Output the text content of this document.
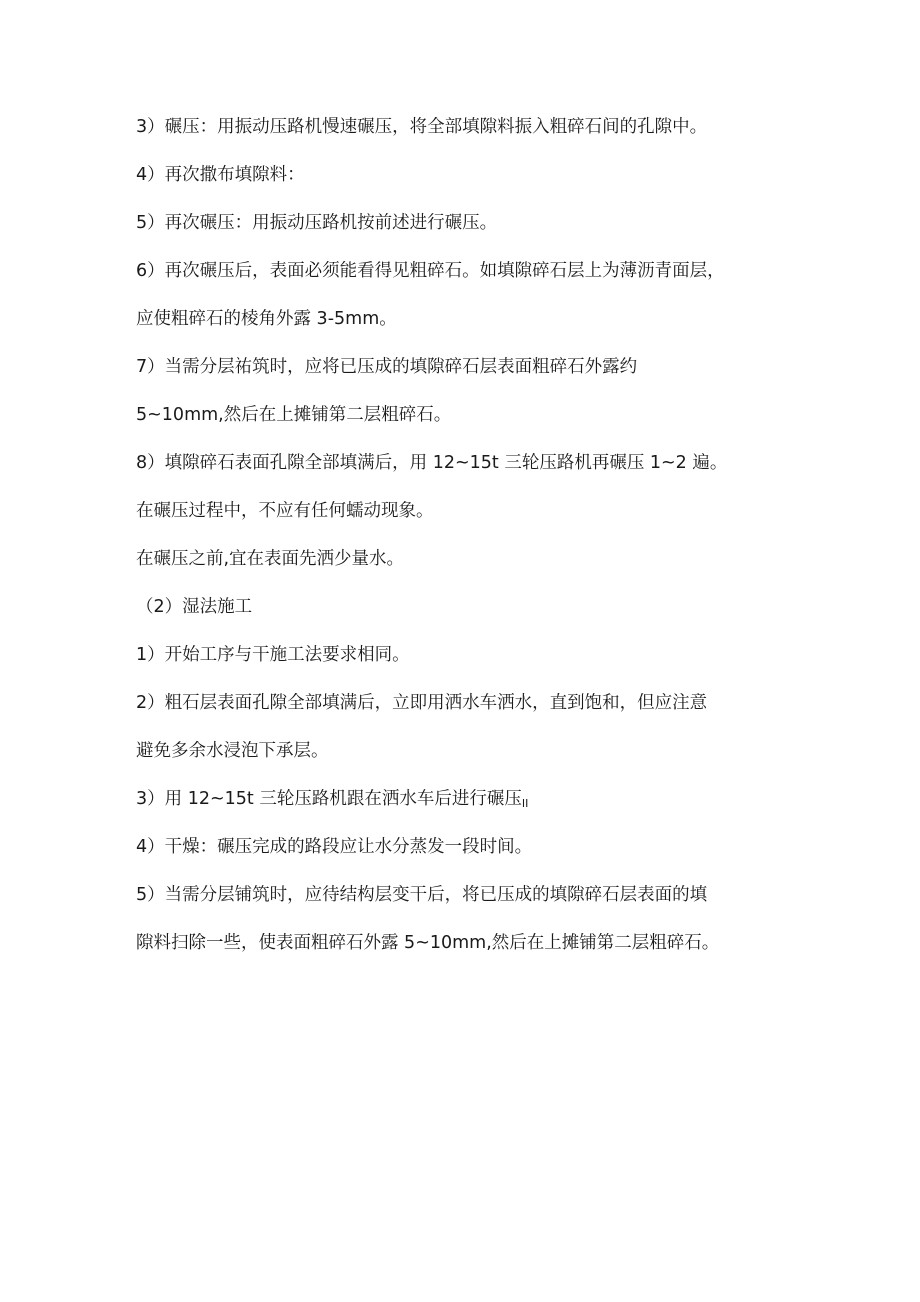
3）碾压：用振动压路机慢速碾压，将全部填隙料振入粗碎石间的孔隙中。
4）再次撒布填隙料：
5）再次碾压：用振动压路机按前述进行碾压。
6）再次碾压后，表面必须能看得见粗碎石。如填隙碎石层上为薄沥青面层，
应使粗碎石的棱角外露 3-5mm。
7）当需分层祐筑时，应将已压成的填隙碎石层表面粗碎石外露约
5~10mm,然后在上摊铺第二层粗碎石。
8）填隙碎石表面孔隙全部填满后，用 12~15t 三轮压路机再碾压 1~2 遍。
在碾压过程中，不应有任何蠕动现象。
在碾压之前,宜在表面先洒少量水。
（2）湿法施工
1）开始工序与干施工法要求相同。
2）粗石层表面孔隙全部填满后，立即用洒水车洒水，直到饱和，但应注意
避免多余水浸泡下承层。
3）用 12~15t 三轮压路机跟在洒水车后进行碾压$_{II}$
4）干燥：碾压完成的路段应让水分蒸发一段时间。
5）当需分层铺筑时，应待结构层变干后，将已压成的填隙碎石层表面的填
隙料扫除一些，使表面粗碎石外露 5~10mm,然后在上摊铺第二层粗碎石。
